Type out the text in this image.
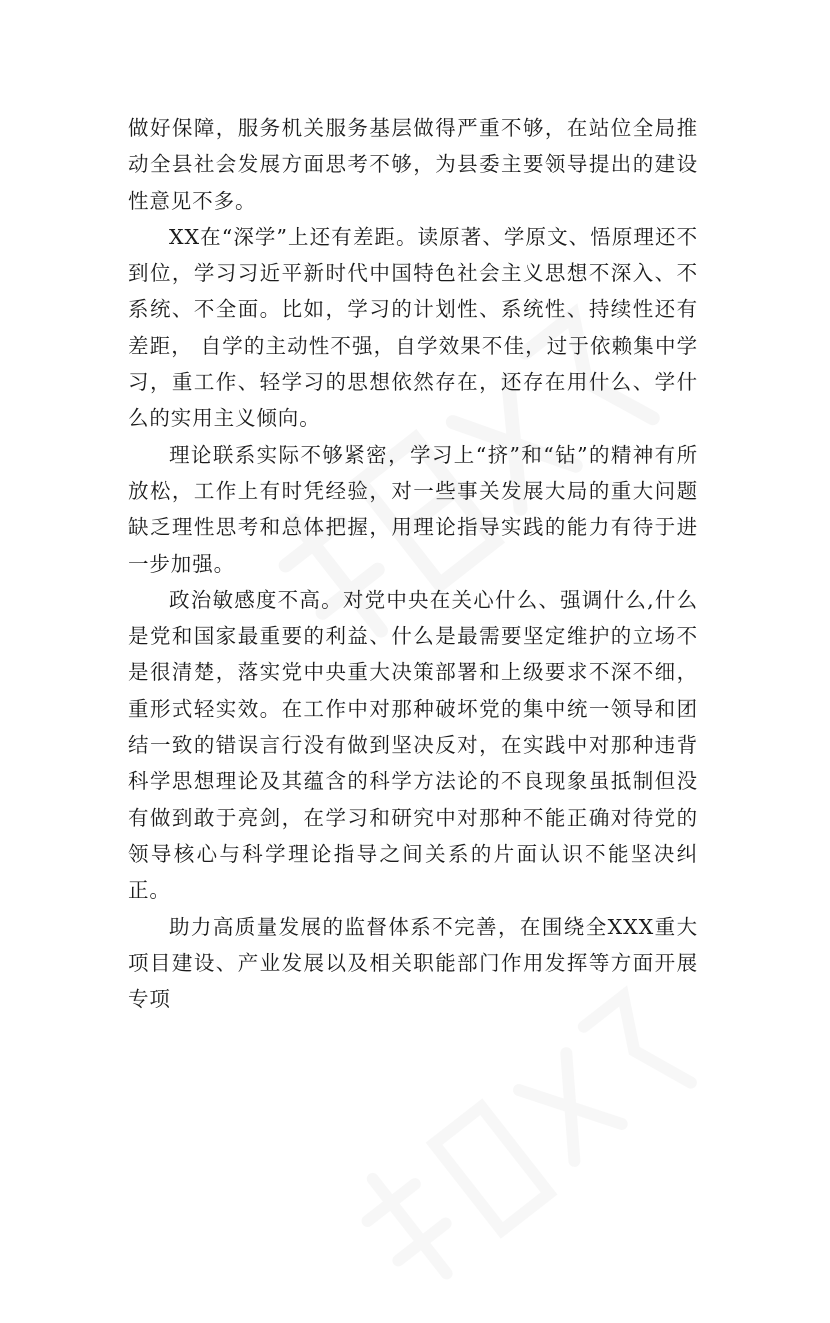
做好保障，服务机关服务基层做得严重不够，在站位全局推动全县社会发展方面思考不够，为县委主要领导提出的建设性意见不多。

XX在“深学”上还有差距。读原著、学原文、悟原理还不到位，学习习近平新时代中国特色社会主义思想不深入、不系统、不全面。比如，学习的计划性、系统性、持续性还有差距， 自学的主动性不强，自学效果不佳，过于依赖集中学习，重工作、轻学习的思想依然存在，还存在用什么、学什么的实用主义倾向。

理论联系实际不够紧密，学习上“挤”和“钻”的精神有所放松，工作上有时凭经验，对一些事关发展大局的重大问题缺乏理性思考和总体把握，用理论指导实践的能力有待于进一步加强。

政治敏感度不高。对党中央在关心什么、强调什么,什么是党和国家最重要的利益、什么是最需要坚定维护的立场不是很清楚，落实党中央重大决策部署和上级要求不深不细，重形式轻实效。在工作中对那种破坏党的集中统一领导和团结一致的错误言行没有做到坚决反对，在实践中对那种违背科学思想理论及其蕴含的科学方法论的不良现象虽抵制但没有做到敢于亮剑，在学习和研究中对那种不能正确对待党的领导核心与科学理论指导之间关系的片面认识不能坚决纠正。

助力高质量发展的监督体系不完善，在围绕全XXX重大项目建设、产业发展以及相关职能部门作用发挥等方面开展专项
